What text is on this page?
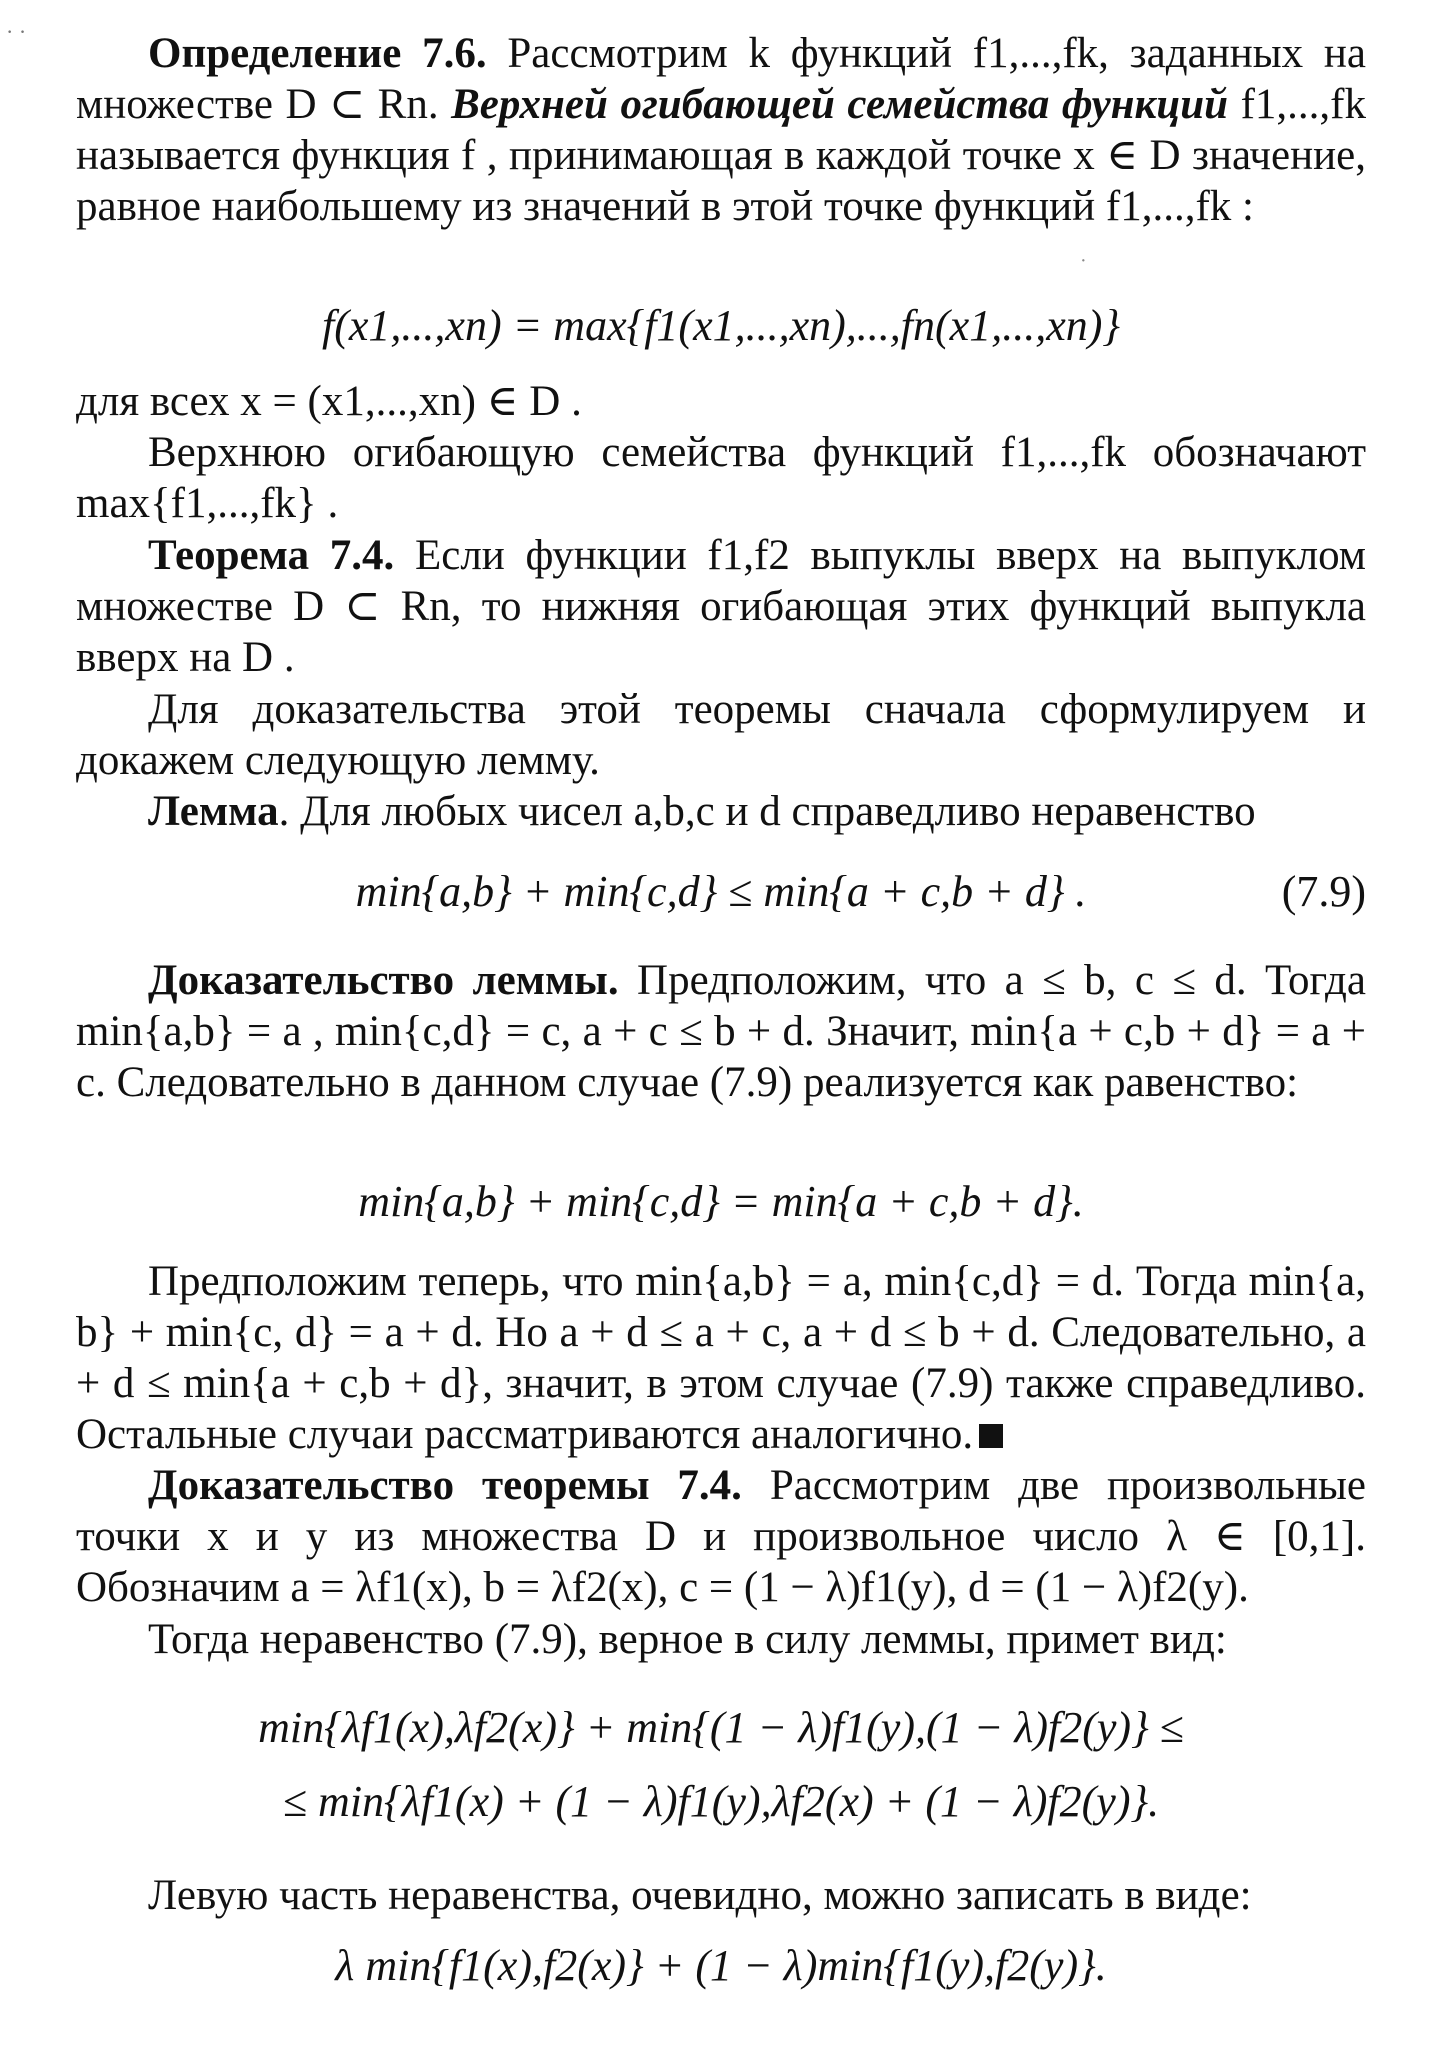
· ·
·

Определение 7.6. Рассмотрим k функций f1,...,fk, заданных на множестве D ⊂ Rn. Верхней огибающей семейства функций f1,...,fk называется функция f , принимающая в каждой точке x ∈ D значение, равное наибольшему из значений в этой точке функций f1,...,fk :

f(x1,...,xn) = max{f1(x1,...,xn),...,fn(x1,...,xn)}

для всех x = (x1,...,xn) ∈ D .

Верхнюю огибающую семейства функций f1,...,fk обозначают max{f1,...,fk} .

Теорема 7.4. Если функции f1,f2 выпуклы вверх на выпуклом множестве D ⊂ Rn, то нижняя огибающая этих функций выпукла вверх на D .

Для доказательства этой теоремы сначала сформулируем и докажем следующую лемму.

Лемма. Для любых чисел a,b,c и d справедливо неравенство

min{a,b} + min{c,d} ≤ min{a + c,b + d} .	(7.9)

Доказательство леммы. Предположим, что a ≤ b, c ≤ d. Тогда min{a,b} = a , min{c,d} = c, a + c ≤ b + d. Значит, min{a + c,b + d} = a + c. Следовательно в данном случае (7.9) реализуется как равенство:

min{a,b} + min{c,d} = min{a + c,b + d}.

Предположим теперь, что min{a,b} = a, min{c,d} = d. Тогда min{a, b} + min{c, d} = a + d. Но a + d ≤ a + c, a + d ≤ b + d. Следовательно, a + d ≤ min{a + c,b + d}, значит, в этом случае (7.9) также справедливо. Остальные случаи рассматриваются аналогично.

Доказательство теоремы 7.4. Рассмотрим две произвольные точки x и y из множества D и произвольное число λ ∈ [0,1]. Обозначим a = λf1(x), b = λf2(x), c = (1 − λ)f1(y), d = (1 − λ)f2(y).

Тогда неравенство (7.9), верное в силу леммы, примет вид:

min{λf1(x),λf2(x)} + min{(1 − λ)f1(y),(1 − λ)f2(y)} ≤
≤ min{λf1(x) + (1 − λ)f1(y),λf2(x) + (1 − λ)f2(y)}.

Левую часть неравенства, очевидно, можно записать в виде:

λ min{f1(x),f2(x)} + (1 − λ)min{f1(y),f2(y)}.
